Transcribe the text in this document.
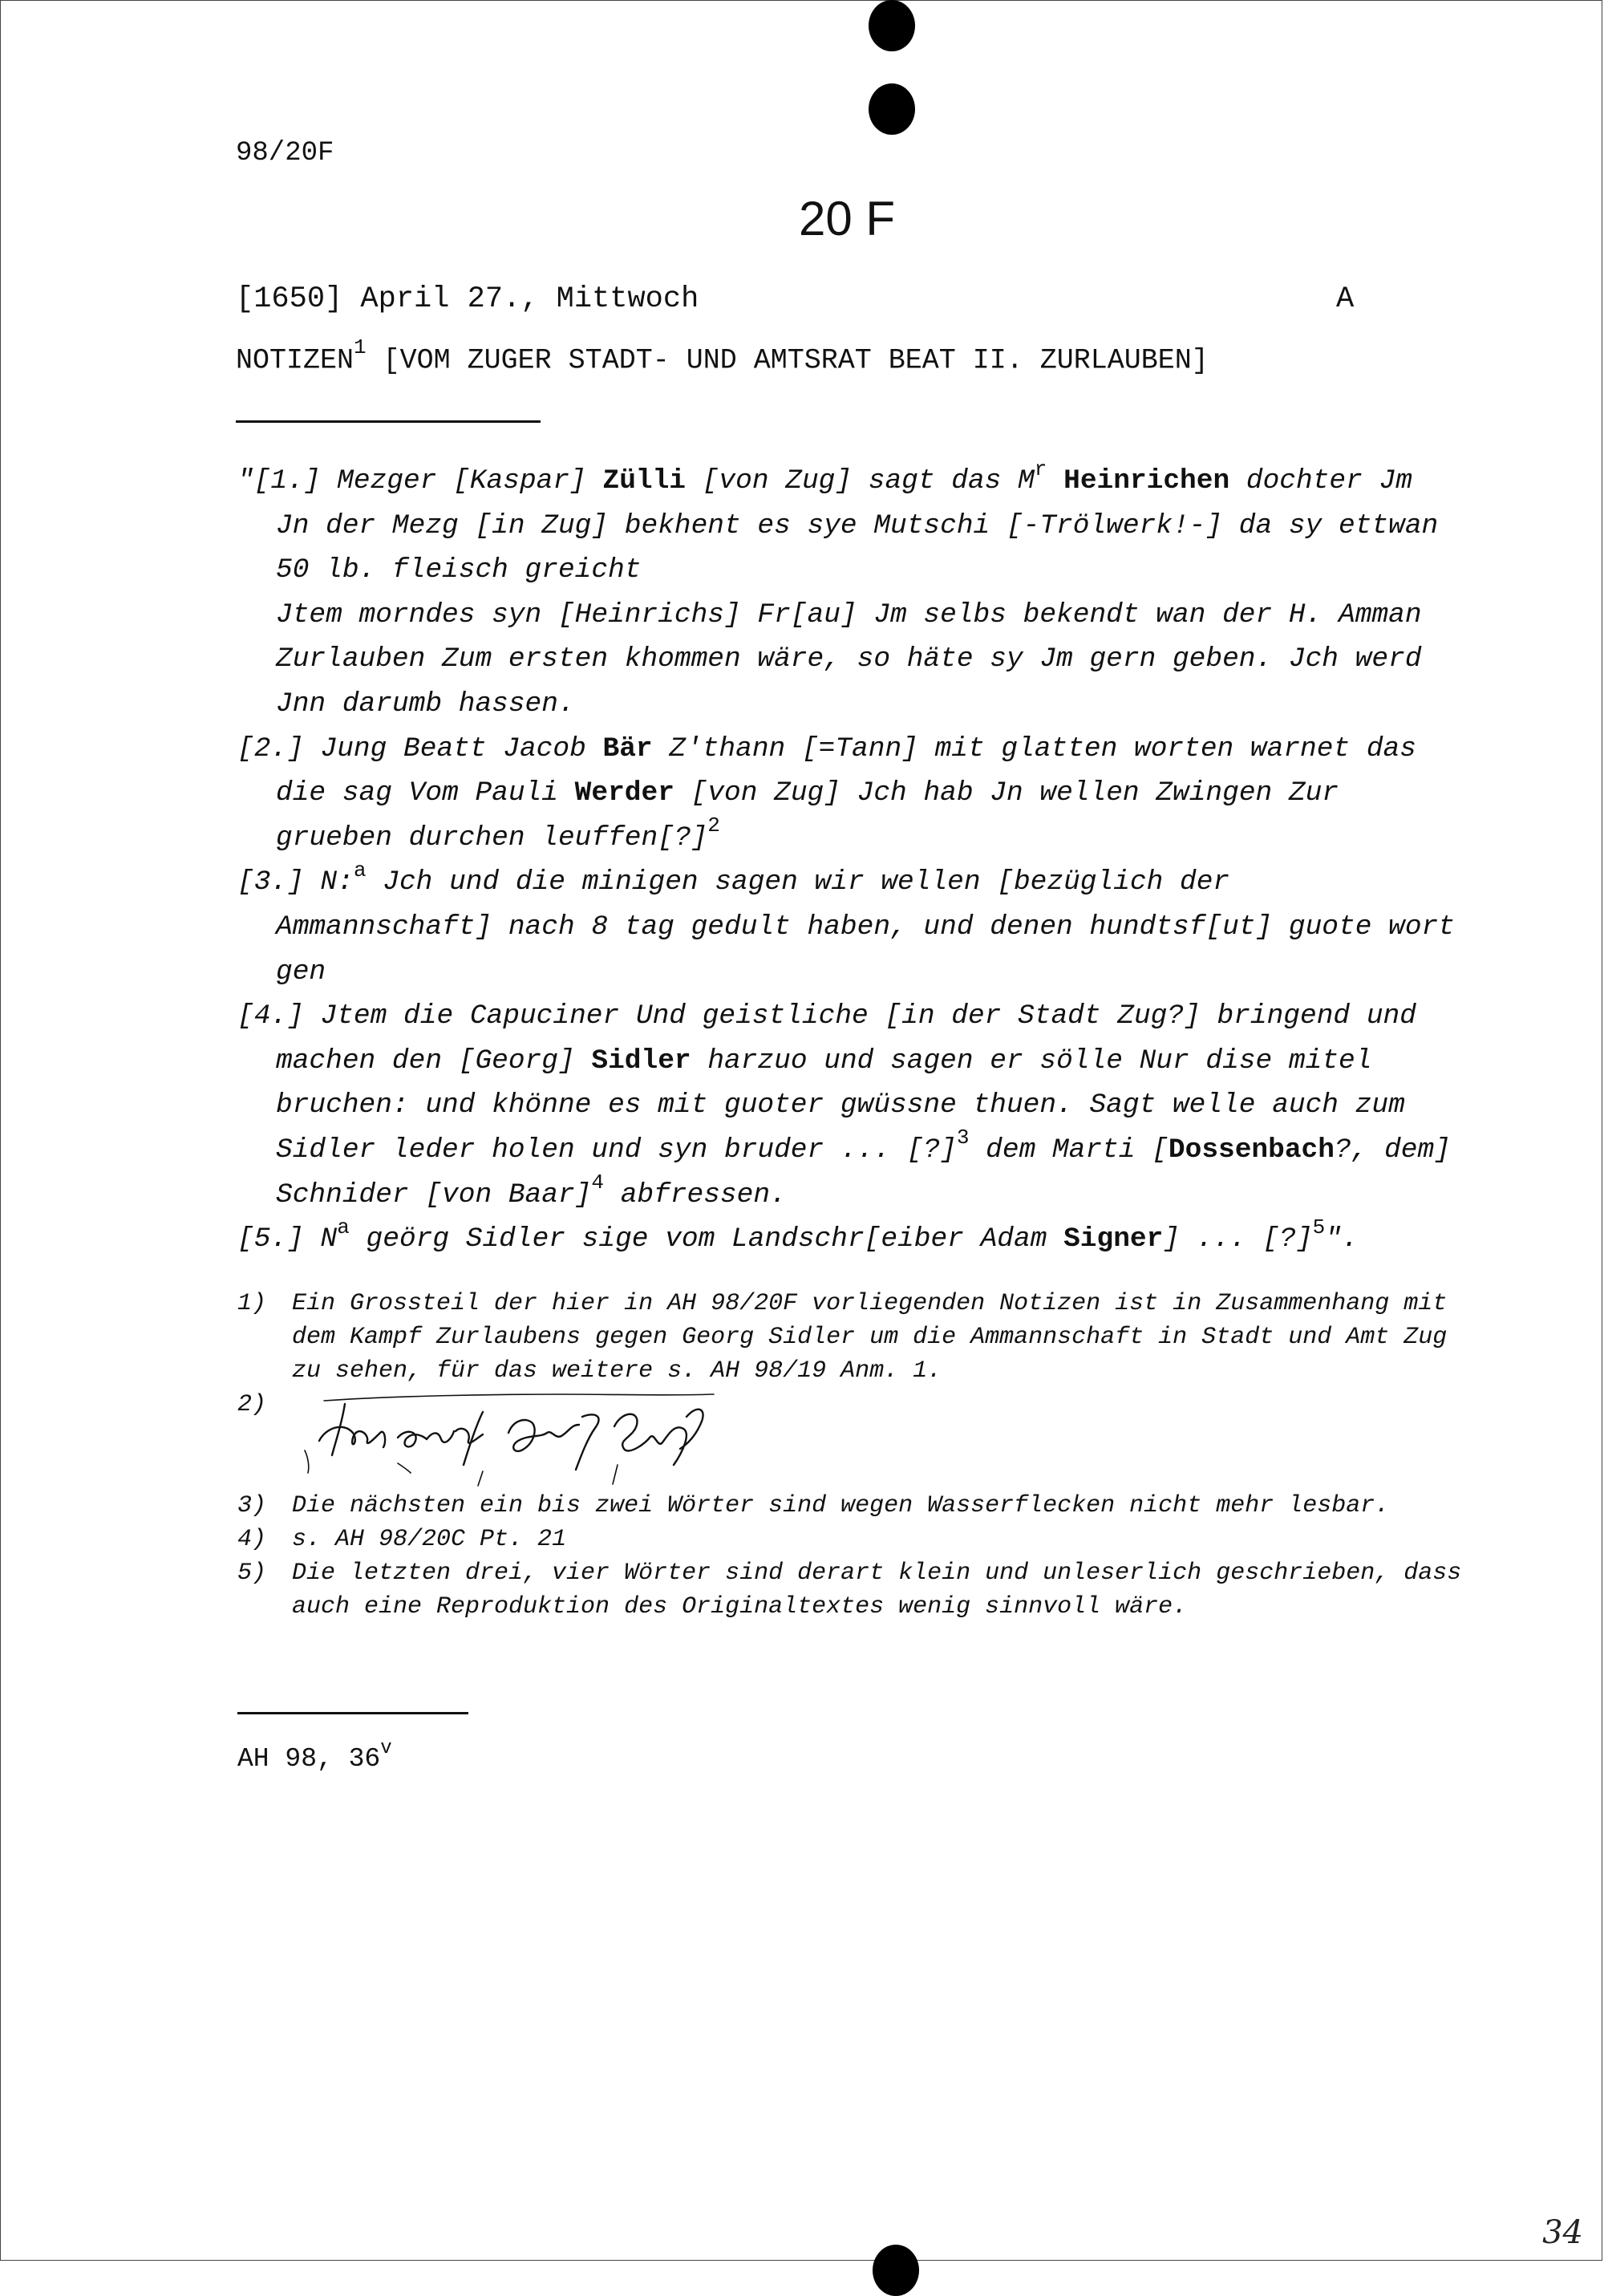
98/20F
20 F
[1650] April 27., Mittwoch	A
NOTIZEN$^1$ [VOM ZUGER STADT- UND AMTSRAT BEAT II. ZURLAUBEN]

"[1.] Mezger [Kaspar] Zülli [von Zug] sagt das $M^r$ Heinrichen dochter Jm Jn der Mezg [in Zug] bekhent es sye Mutschi [-Trölwerk!-] da sy ettwan 50 lb. fleisch greicht

Jtem morndes syn [Heinrichs] Fr[au] Jm selbs bekendt wan der H. Amman Zurlauben Zum ersten khommen wäre, so häte sy Jm gern geben. Jch werd Jnn darumb hassen.

[2.] Jung Beatt Jacob Bär Z'thann [=Tann] mit glatten worten warnet das die sag Vom Pauli Werder [von Zug] Jch hab Jn wellen Zwingen Zur grueben durchen leuffen[?]$^2$

[3.] N:$^a$ Jch und die minigen sagen wir wellen [bezüglich der Ammannschaft] nach 8 tag gedult haben, und denen hundtsf[ut] guote wort gen

[4.] Jtem die Capuciner Und geistliche [in der Stadt Zug?] bringend und machen den [Georg] Sidler harzuo und sagen er sölle Nur dise mitel bruchen: und khönne es mit guoter gwüssne thuen. Sagt welle auch zum Sidler leder holen und syn bruder ... [?]$^3$ dem Marti [Dossenbach?, dem] Schnider [von Baar]$^4$ abfressen.

[5.] $N^a$ geörg Sidler sige vom Landschr[eiber Adam Signer] ... [?]$^5$".

1)	Ein Grossteil der hier in AH 98/20F vorliegenden Notizen ist in Zusammenhang mit dem Kampf Zurlaubens gegen Georg Sidler um die Ammannschaft in Stadt und Amt Zug zu sehen, für das weitere s. AH 98/19 Anm. 1.
2)
3)	Die nächsten ein bis zwei Wörter sind wegen Wasserflecken nicht mehr lesbar.
4)	s. AH 98/20C Pt. 21
5)	Die letzten drei, vier Wörter sind derart klein und unleserlich geschrieben, dass auch eine Reproduktion des Originaltextes wenig sinnvoll wäre.
AH 98, 36$^v$
34
